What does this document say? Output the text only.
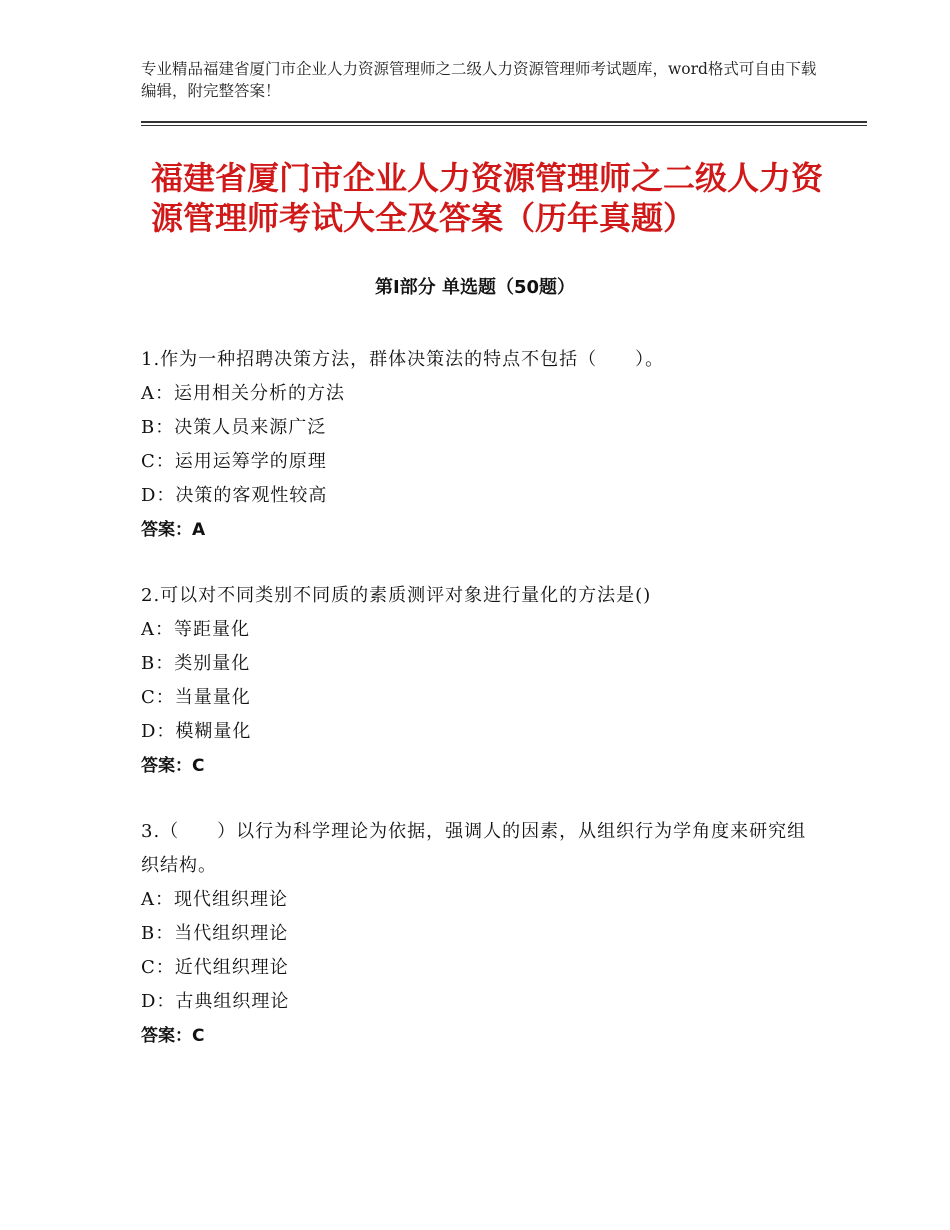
专业精品福建省厦门市企业人力资源管理师之二级人力资源管理师考试题库，word格式可自由下载编辑，附完整答案！
福建省厦门市企业人力资源管理师之二级人力资源管理师考试大全及答案（历年真题）
第Ⅰ部分 单选题（50题）
1.作为一种招聘决策方法，群体决策法的特点不包括（　　）。
A：运用相关分析的方法
B：决策人员来源广泛
C：运用运筹学的原理
D：决策的客观性较高
答案：A
2.可以对不同类别不同质的素质测评对象进行量化的方法是()
A：等距量化
B：类别量化
C：当量量化
D：模糊量化
答案：C
3.（　　）以行为科学理论为依据，强调人的因素，从组织行为学角度来研究组织结构。
A：现代组织理论
B：当代组织理论
C：近代组织理论
D：古典组织理论
答案：C
